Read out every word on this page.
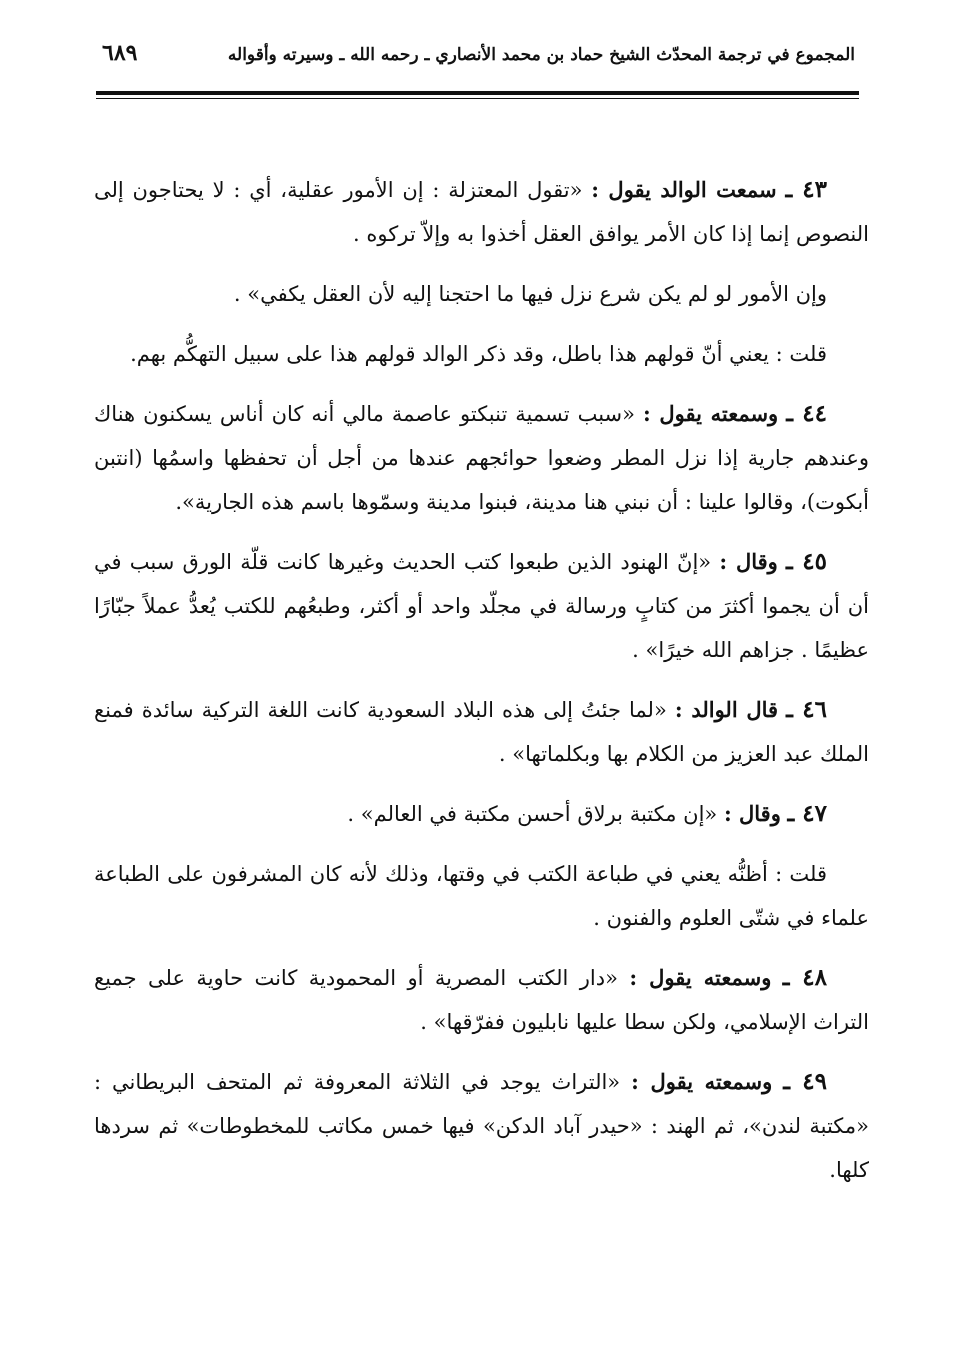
المجموع في ترجمة المحدّث الشيخ حماد بن محمد الأنصاري ـ رحمه الله ـ وسيرته وأقواله
٦٨٩

٤٣ ـ سمعت الوالد يقول : «تقول المعتزلة : إن الأمور عقلية، أي : لا يحتاجون إلى النصوص إنما إذا كان الأمر يوافق العقل أخذوا به وإلاّ تركوه .

وإن الأمور لو لم يكن شرع نزل فيها ما احتجنا إليه لأن العقل يكفي» .

قلت : يعني أنّ قولهم هذا باطل، وقد ذكر الوالد قولهم هذا على سبيل التهكُّم بهم.

٤٤ ـ وسمعته يقول : «سبب تسمية تنبكتو عاصمة مالي أنه كان أناس يسكنون هناك وعندهم جارية إذا نزل المطر وضعوا حوائجهم عندها من أجل أن تحفظها واسمُها (انتبن أبكوت)، وقالوا علينا : أن نبني هنا مدينة، فبنوا مدينة وسمّوها باسم هذه الجارية».

٤٥ ـ وقال : «إنّ الهنود الذين طبعوا كتب الحديث وغيرها كانت قلّة الورق سبب في أن أن يجموا أكثرَ من كتابٍ ورسالة في مجلّد واحد أو أكثر، وطبعُهم للكتب يُعدُّ عملاً جبّارًا عظيمًا . جزاهم الله خيرًا» .

٤٦ ـ قال الوالد : «لما جئتُ إلى هذه البلاد السعودية كانت اللغة التركية سائدة فمنع الملك عبد العزيز من الكلام بها وبكلماتها» .

٤٧ ـ وقال : «إن مكتبة برلاق أحسن مكتبة في العالم» .

قلت : أظنُّه يعني في طباعة الكتب في وقتها، وذلك لأنه كان المشرفون على الطباعة علماء في شتّى العلوم والفنون .

٤٨ ـ وسمعته يقول : «دار الكتب المصرية أو المحمودية كانت حاوية على جميع التراث الإسلامي، ولكن سطا عليها نابليون ففرّقها» .

٤٩ ـ وسمعته يقول : «التراث يوجد في الثلاثة المعروفة ثم المتحف البريطاني : «مكتبة لندن»، ثم الهند : «حيدر آباد الدكن» فيها خمس مكاتب للمخطوطات» ثم سردها كلها.
